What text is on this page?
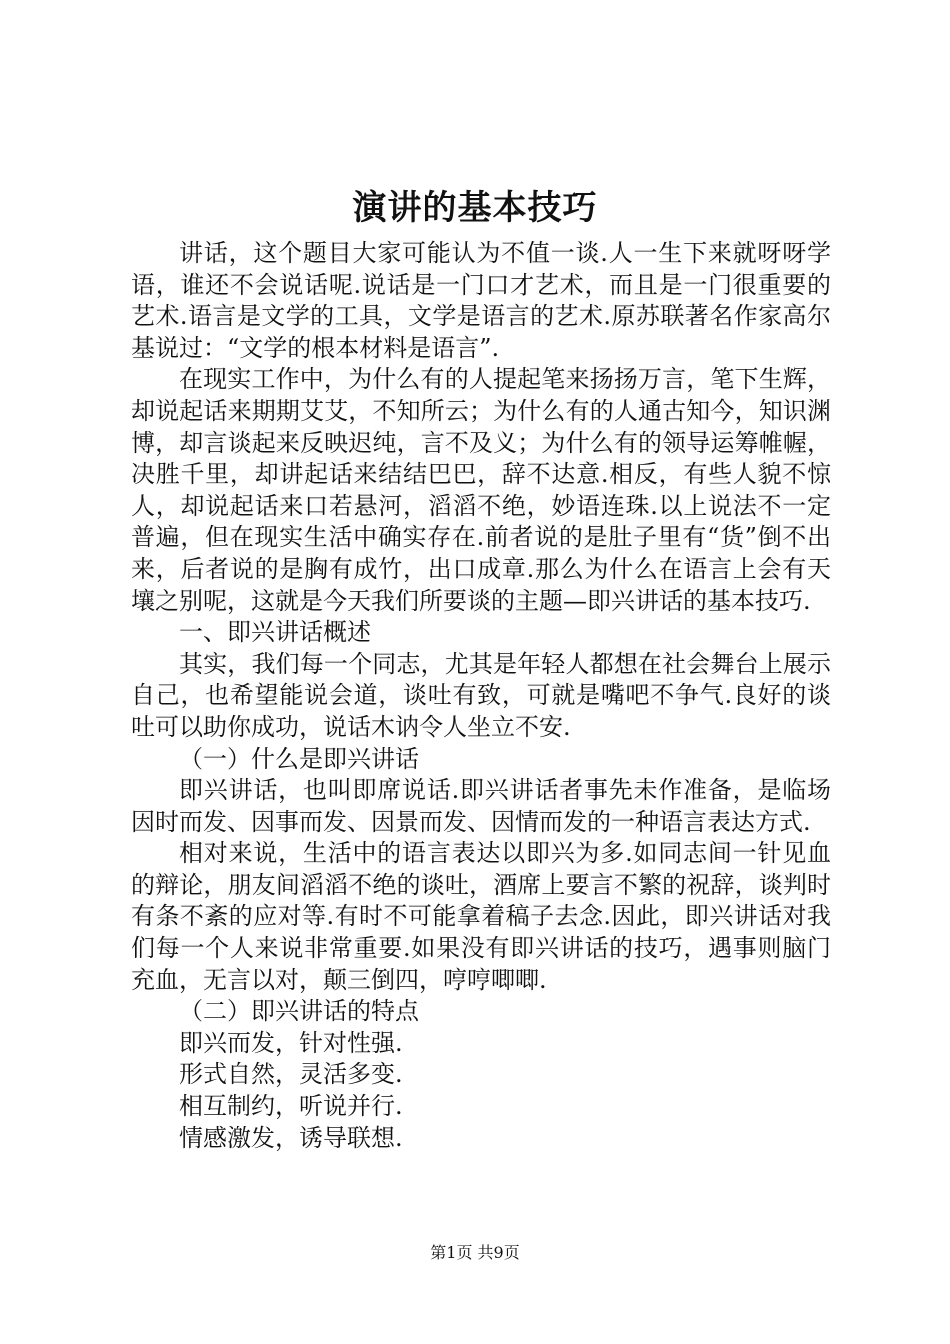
演讲的基本技巧

讲话，这个题目大家可能认为不值一谈.人一生下来就呀呀学语，谁还不会说话呢.说话是一门口才艺术，而且是一门很重要的艺术.语言是文学的工具，文学是语言的艺术.原苏联著名作家高尔基说过：“文学的根本材料是语言”.

在现实工作中，为什么有的人提起笔来扬扬万言，笔下生辉，却说起话来期期艾艾，不知所云；为什么有的人通古知今，知识渊博，却言谈起来反映迟纯，言不及义；为什么有的领导运筹帷幄，决胜千里，却讲起话来结结巴巴，辞不达意.相反，有些人貌不惊人，却说起话来口若悬河，滔滔不绝，妙语连珠.以上说法不一定普遍，但在现实生活中确实存在.前者说的是肚子里有“货”倒不出来，后者说的是胸有成竹，出口成章.那么为什么在语言上会有天壤之别呢，这就是今天我们所要谈的主题—即兴讲话的基本技巧.

一、即兴讲话概述

其实，我们每一个同志，尤其是年轻人都想在社会舞台上展示自己，也希望能说会道，谈吐有致，可就是嘴吧不争气.良好的谈吐可以助你成功，说话木讷令人坐立不安.

（一）什么是即兴讲话

即兴讲话，也叫即席说话.即兴讲话者事先未作准备，是临场因时而发、因事而发、因景而发、因情而发的一种语言表达方式.

相对来说，生活中的语言表达以即兴为多.如同志间一针见血的辩论，朋友间滔滔不绝的谈吐，酒席上要言不繁的祝辞，谈判时有条不紊的应对等.有时不可能拿着稿子去念.因此，即兴讲话对我们每一个人来说非常重要.如果没有即兴讲话的技巧，遇事则脑门充血，无言以对，颠三倒四，哼哼唧唧.

（二）即兴讲话的特点

即兴而发，针对性强.

形式自然，灵活多变.

相互制约，听说并行.

情感激发，诱导联想.

第1页 共9页
